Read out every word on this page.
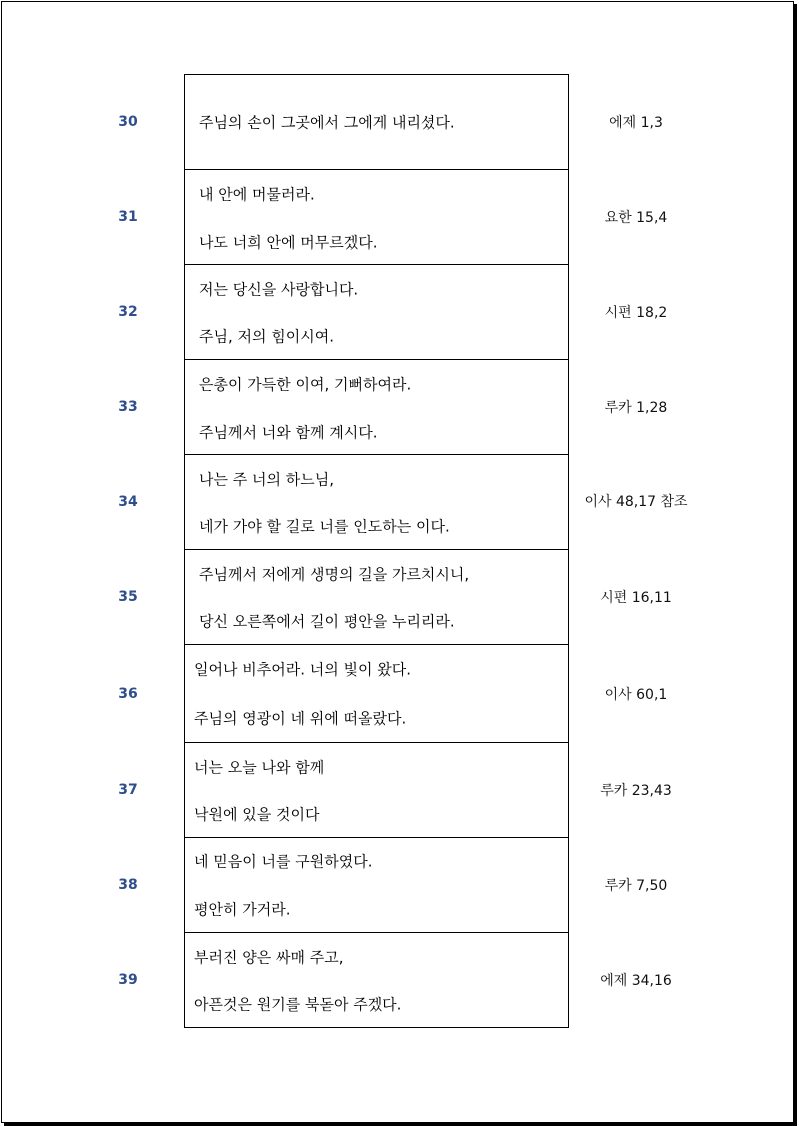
30	주님의 손이 그곳에서 그에게 내리셨다.	에제 1,3
31
내 안에 머물러라.
나도 너희 안에 머무르겠다.
요한 15,4
32
저는 당신을 사랑합니다.
주님, 저의 힘이시여.
시편 18,2
33
은총이 가득한 이여, 기뻐하여라.
주님께서 너와 함께 계시다.
루카 1,28
34
나는 주 너의 하느님,
네가 가야 할 길로 너를 인도하는 이다.
이사 48,17 참조
35
주님께서 저에게 생명의 길을 가르치시니,
당신 오른쪽에서 길이 평안을 누리리라.
시편 16,11
36
일어나 비추어라. 너의 빛이 왔다.
주님의 영광이 네 위에 떠올랐다.
이사 60,1
37
너는 오늘 나와 함께
낙원에 있을 것이다
루카 23,43
38
네 믿음이 너를 구원하였다.
평안히 가거라.
루카 7,50
39
부러진 양은 싸매 주고,
아픈것은 원기를 북돋아 주겠다.
에제 34,16
